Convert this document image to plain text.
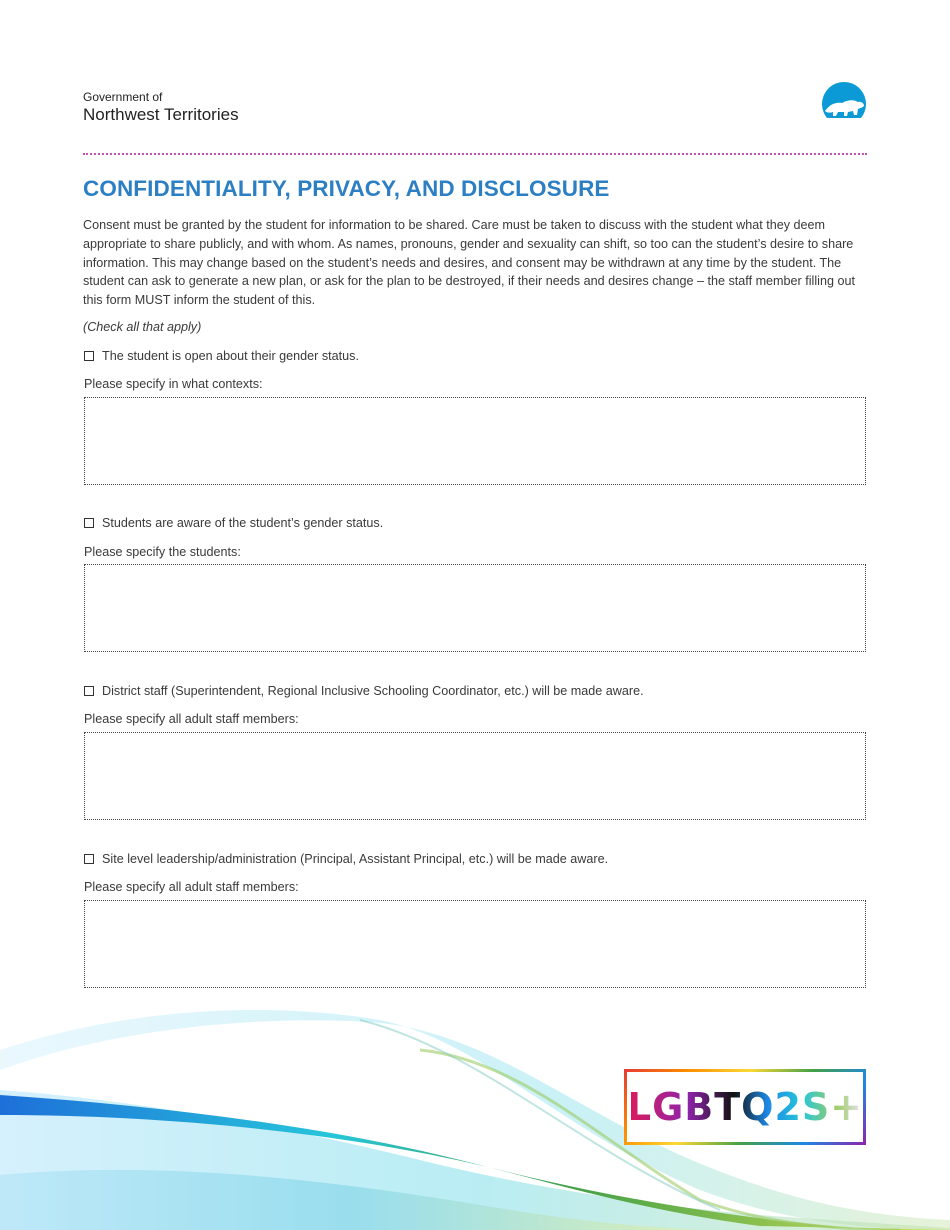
Government of
Northwest Territories
CONFIDENTIALITY, PRIVACY, AND DISCLOSURE

Consent must be granted by the student for information to be shared. Care must be taken to discuss with the student what they deem appropriate to share publicly, and with whom. As names, pronouns, gender and sexuality can shift, so too can the student’s desire to share information. This may change based on the student’s needs and desires, and consent may be withdrawn at any time by the student. The student can ask to generate a new plan, or ask for the plan to be destroyed, if their needs and desires change – the staff member filling out this form MUST inform the student of this.

(Check all that apply)
The student is open about their gender status.
Please specify in what contexts:
Students are aware of the student’s gender status.
Please specify the students:
District staff (Superintendent, Regional Inclusive Schooling Coordinator, etc.) will be made aware.
Please specify all adult staff members:
Site level leadership/administration (Principal, Assistant Principal, etc.) will be made aware.
Please specify all adult staff members:
LGBTQ2S+
